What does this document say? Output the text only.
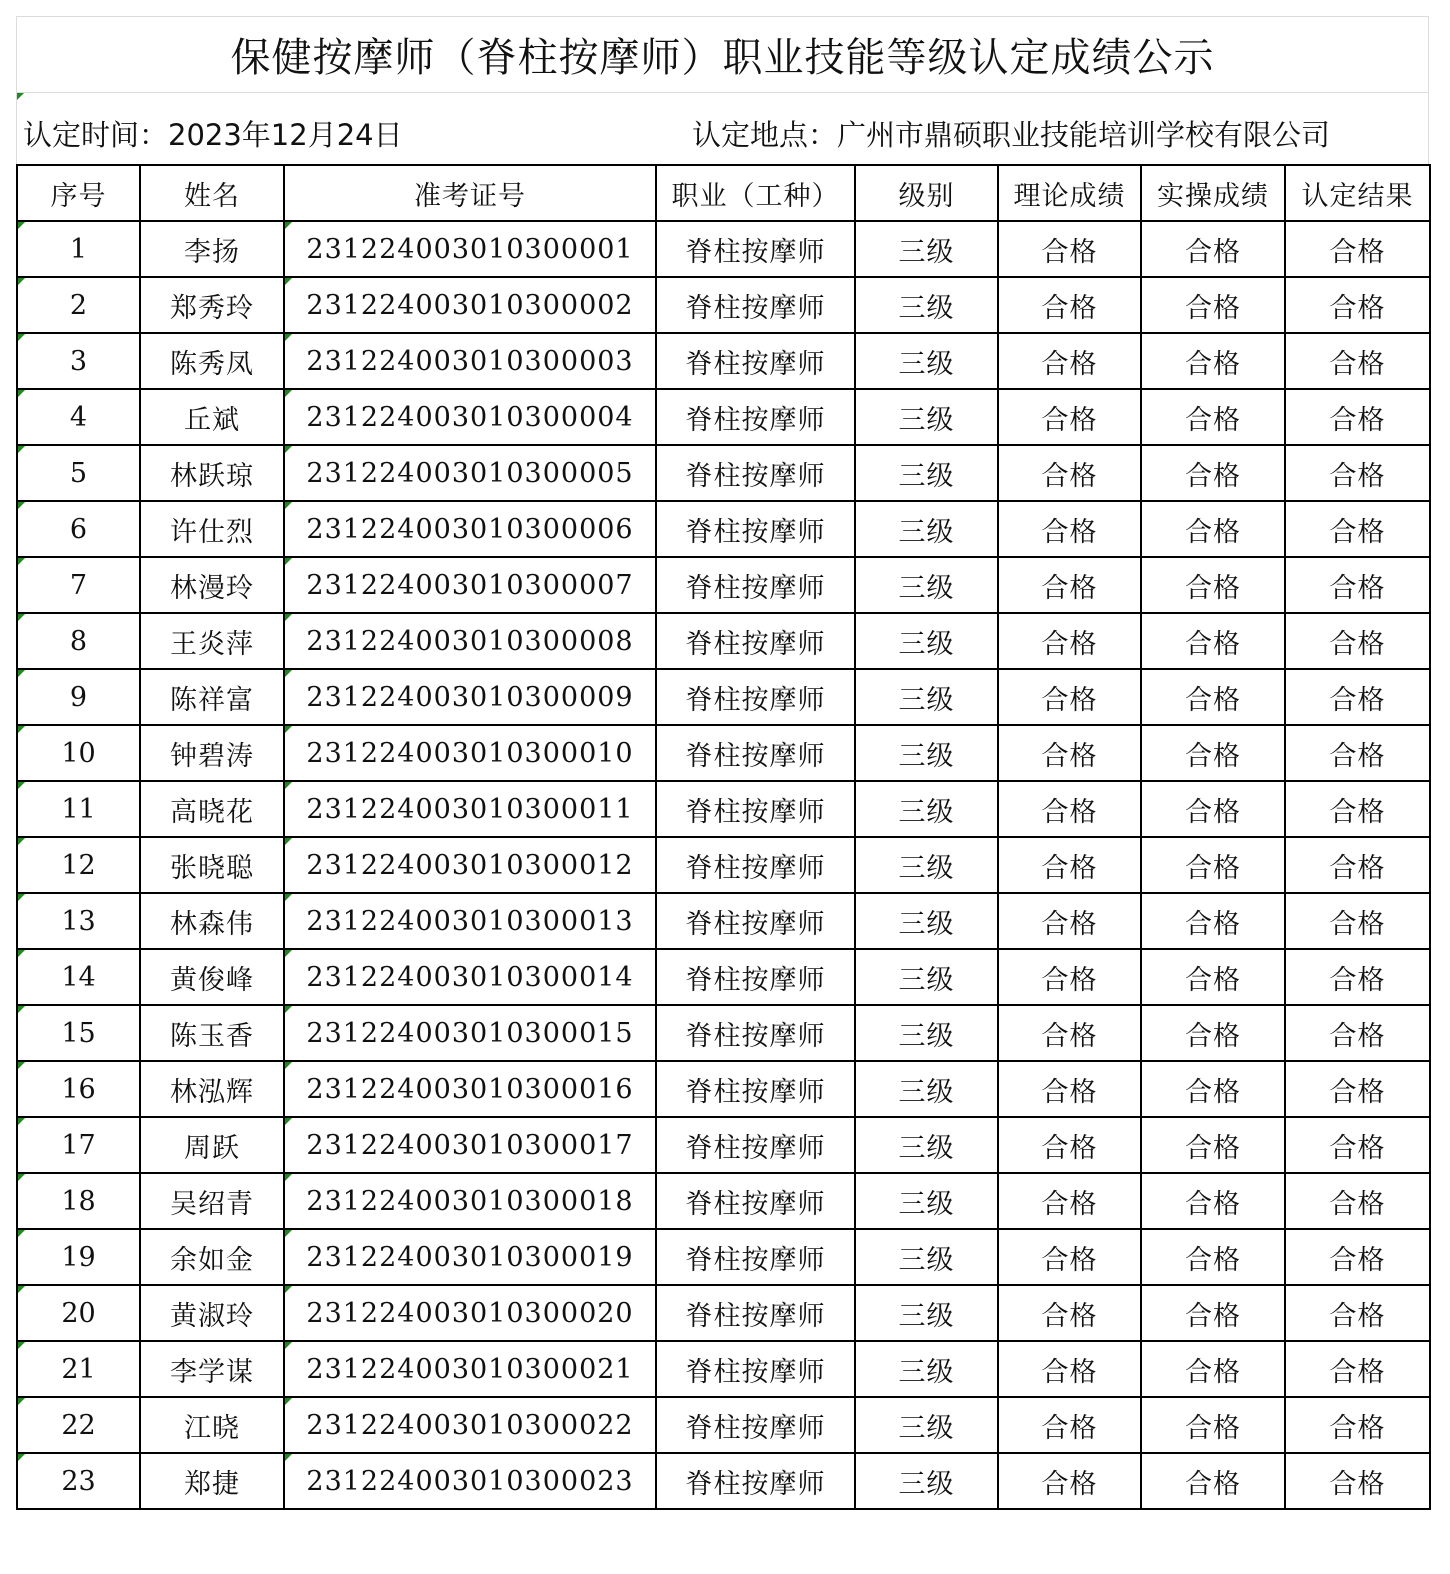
保健按摩师（脊柱按摩师）职业技能等级认定成绩公示
认定时间：2023年12月24日	认定地点：广州市鼎硕职业技能培训学校有限公司
序号	姓名	准考证号	职业（工种）	级别	理论成绩	实操成绩	认定结果

1	李扬	231224003010300001	脊柱按摩师	三级	合格	合格	合格

2	郑秀玲	231224003010300002	脊柱按摩师	三级	合格	合格	合格

3	陈秀凤	231224003010300003	脊柱按摩师	三级	合格	合格	合格

4	丘斌	231224003010300004	脊柱按摩师	三级	合格	合格	合格

5	林跃琼	231224003010300005	脊柱按摩师	三级	合格	合格	合格

6	许仕烈	231224003010300006	脊柱按摩师	三级	合格	合格	合格

7	林漫玲	231224003010300007	脊柱按摩师	三级	合格	合格	合格

8	王炎萍	231224003010300008	脊柱按摩师	三级	合格	合格	合格

9	陈祥富	231224003010300009	脊柱按摩师	三级	合格	合格	合格

10	钟碧涛	231224003010300010	脊柱按摩师	三级	合格	合格	合格

11	高晓花	231224003010300011	脊柱按摩师	三级	合格	合格	合格

12	张晓聪	231224003010300012	脊柱按摩师	三级	合格	合格	合格

13	林森伟	231224003010300013	脊柱按摩师	三级	合格	合格	合格

14	黄俊峰	231224003010300014	脊柱按摩师	三级	合格	合格	合格

15	陈玉香	231224003010300015	脊柱按摩师	三级	合格	合格	合格

16	林泓辉	231224003010300016	脊柱按摩师	三级	合格	合格	合格

17	周跃	231224003010300017	脊柱按摩师	三级	合格	合格	合格

18	吴绍青	231224003010300018	脊柱按摩师	三级	合格	合格	合格

19	余如金	231224003010300019	脊柱按摩师	三级	合格	合格	合格

20	黄淑玲	231224003010300020	脊柱按摩师	三级	合格	合格	合格

21	李学谋	231224003010300021	脊柱按摩师	三级	合格	合格	合格

22	江晓	231224003010300022	脊柱按摩师	三级	合格	合格	合格

23	郑捷	231224003010300023	脊柱按摩师	三级	合格	合格	合格
